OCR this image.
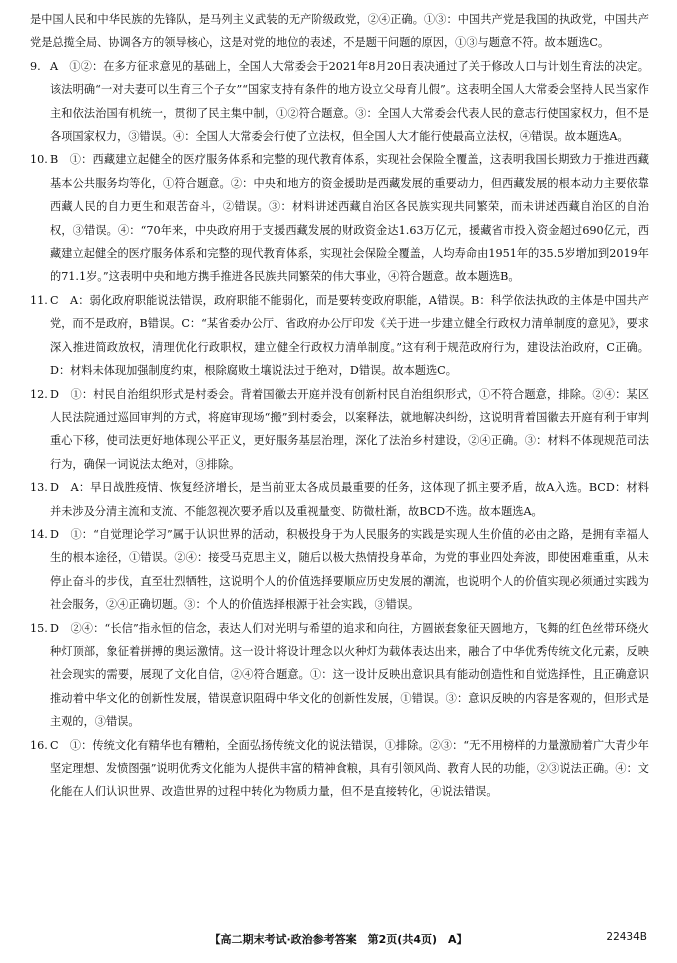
是中国人民和中华民族的先锋队，是马列主义武装的无产阶级政党，②④正确。①③：中国共产党是我国的执政党，中国共产党是总揽全局、协调各方的领导核心，这是对党的地位的表述，不是题干问题的原因，①③与题意不符。故本题选C。

9. A　①②：在多方征求意见的基础上，全国人大常委会于2021年8月20日表决通过了关于修改人口与计划生育法的决定。该法明确“一对夫妻可以生育三个子女”“国家支持有条件的地方设立父母育儿假”。这表明全国人大常委会坚持人民当家作主和依法治国有机统一，贯彻了民主集中制，①②符合题意。③：全国人大常委会代表人民的意志行使国家权力，但不是各项国家权力，③错误。④：全国人大常委会行使了立法权，但全国人大才能行使最高立法权，④错误。故本题选A。

10. B　①：西藏建立起健全的医疗服务体系和完整的现代教育体系，实现社会保险全覆盖，这表明我国长期致力于推进西藏基本公共服务均等化，①符合题意。②：中央和地方的资金援助是西藏发展的重要动力，但西藏发展的根本动力主要依靠西藏人民的自力更生和艰苦奋斗，②错误。③：材料讲述西藏自治区各民族实现共同繁荣，而未讲述西藏自治区的自治权，③错误。④：“70年来，中央政府用于支援西藏发展的财政资金达1.63万亿元，援藏省市投入资金超过690亿元，西藏建立起健全的医疗服务体系和完整的现代教育体系，实现社会保险全覆盖，人均寿命由1951年的35.5岁增加到2019年的71.1岁。”这表明中央和地方携手推进各民族共同繁荣的伟大事业，④符合题意。故本题选B。

11. C　A：弱化政府职能说法错误，政府职能不能弱化，而是要转变政府职能，A错误。B：科学依法执政的主体是中国共产党，而不是政府，B错误。C：“某省委办公厅、省政府办公厅印发《关于进一步建立健全行政权力清单制度的意见》，要求深入推进简政放权，清理优化行政职权，建立健全行政权力清单制度。”这有利于规范政府行为，建设法治政府，C正确。D：材料未体现加强制度约束，根除腐败土壤说法过于绝对，D错误。故本题选C。

12. D　①：村民自治组织形式是村委会。背着国徽去开庭并没有创新村民自治组织形式，①不符合题意，排除。②④：某区人民法院通过巡回审判的方式，将庭审现场“搬”到村委会，以案释法，就地解决纠纷，这说明背着国徽去开庭有利于审判重心下移，使司法更好地体现公平正义，更好服务基层治理，深化了法治乡村建设，②④正确。③：材料不体现规范司法行为，确保一词说法太绝对，③排除。

13. D　A：早日战胜疫情、恢复经济增长，是当前亚太各成员最重要的任务，这体现了抓主要矛盾，故A入选。BCD：材料并未涉及分清主流和支流、不能忽视次要矛盾以及重视量变、防微杜渐，故BCD不选。故本题选A。

14. D　①：“自觉理论学习”属于认识世界的活动，积极投身于为人民服务的实践是实现人生价值的必由之路，是拥有幸福人生的根本途径，①错误。②④：接受马克思主义，随后以极大热情投身革命，为党的事业四处奔波，即使困难重重，从未停止奋斗的步伐，直至壮烈牺牲，这说明个人的价值选择要顺应历史发展的潮流，也说明个人的价值实现必须通过实践为社会服务，②④正确切题。③：个人的价值选择根源于社会实践，③错误。

15. D　②④：“长信”指永恒的信念，表达人们对光明与希望的追求和向往，方圆嵌套象征天圆地方，飞舞的红色丝带环绕火种灯顶部，象征着拼搏的奥运激情。这一设计将设计理念以火种灯为载体表达出来，融合了中华优秀传统文化元素，反映社会现实的需要，展现了文化自信，②④符合题意。①：这一设计反映出意识具有能动创造性和自觉选择性，且正确意识推动着中华文化的创新性发展，错误意识阻碍中华文化的创新性发展，①错误。③：意识反映的内容是客观的，但形式是主观的，③错误。

16. C　①：传统文化有精华也有糟粕，全面弘扬传统文化的说法错误，①排除。②③：“无不用榜样的力量激励着广大青少年坚定理想、发愤图强”说明优秀文化能为人提供丰富的精神食粮，具有引领风尚、教育人民的功能，②③说法正确。④：文化能在人们认识世界、改造世界的过程中转化为物质力量，但不是直接转化，④说法错误。

【高二期末考试·政治参考答案　第2页(共4页)　A】	22434B
